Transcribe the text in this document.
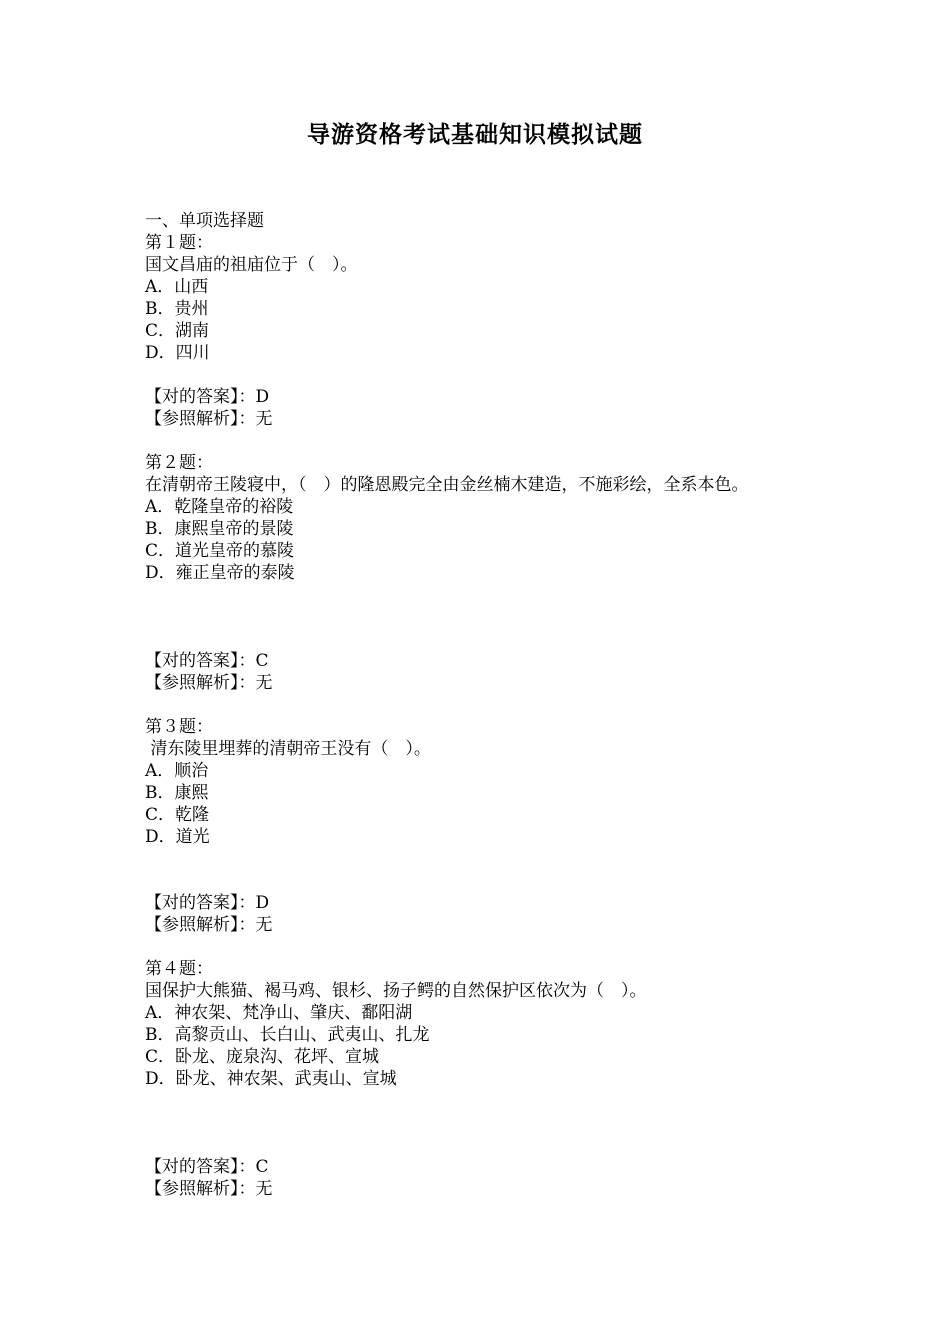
导游资格考试基础知识模拟试题

一、单项选择题

第１题：

国文昌庙的祖庙位于（　）。

A．山西

B．贵州

C．湖南

D．四川

【对的答案】：D

【参照解析】：无

第２题：

在清朝帝王陵寝中，（　）的隆恩殿完全由金丝楠木建造，不施彩绘，全系本色。

A．乾隆皇帝的裕陵

B．康熙皇帝的景陵

C．道光皇帝的慕陵

D．雍正皇帝的泰陵

【对的答案】：C

【参照解析】：无

第３题：

清东陵里埋葬的清朝帝王没有（　）。

A．顺治

B．康熙

C．乾隆

D．道光

【对的答案】：D

【参照解析】：无

第４题：

国保护大熊猫、褐马鸡、银杉、扬子鳄的自然保护区依次为（　）。

A．神农架、梵净山、肇庆、鄱阳湖

B．高黎贡山、长白山、武夷山、扎龙

C．卧龙、庞泉沟、花坪、宣城

D．卧龙、神农架、武夷山、宣城

【对的答案】：C

【参照解析】：无
